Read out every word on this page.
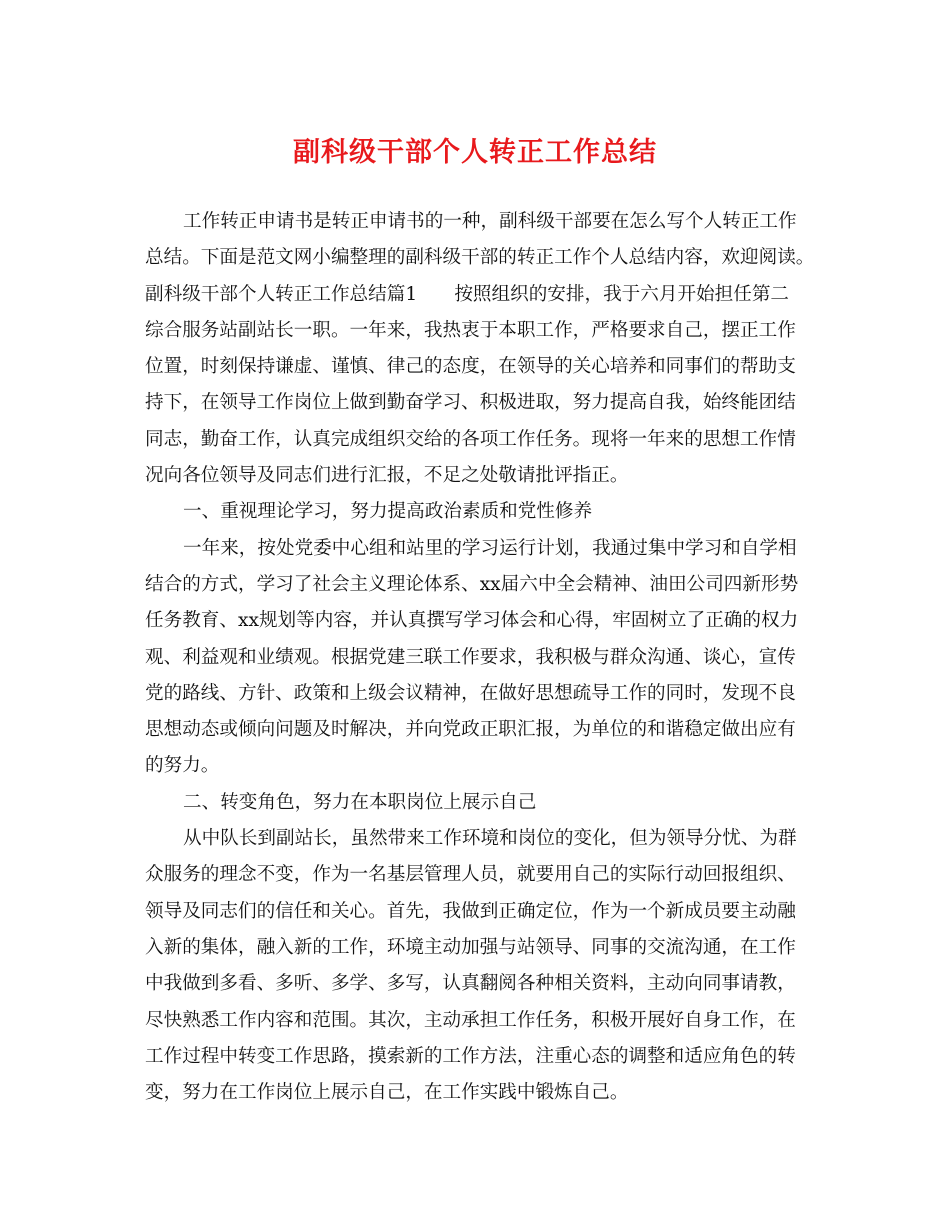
副科级干部个人转正工作总结
工作转正申请书是转正申请书的一种，副科级干部要在怎么写个人转正工作
总结。下面是范文网小编整理的副科级干部的转正工作个人总结内容，欢迎阅读。
副科级干部个人转正工作总结篇1　　按照组织的安排，我于六月开始担任第二
综合服务站副站长一职。一年来，我热衷于本职工作，严格要求自己，摆正工作
位置，时刻保持谦虚、谨慎、律己的态度，在领导的关心培养和同事们的帮助支
持下，在领导工作岗位上做到勤奋学习、积极进取，努力提高自我，始终能团结
同志，勤奋工作，认真完成组织交给的各项工作任务。现将一年来的思想工作情
况向各位领导及同志们进行汇报，不足之处敬请批评指正。
一、重视理论学习，努力提高政治素质和党性修养
一年来，按处党委中心组和站里的学习运行计划，我通过集中学习和自学相
结合的方式，学习了社会主义理论体系、xx届六中全会精神、油田公司四新形势
任务教育、xx规划等内容，并认真撰写学习体会和心得，牢固树立了正确的权力
观、利益观和业绩观。根据党建三联工作要求，我积极与群众沟通、谈心，宣传
党的路线、方针、政策和上级会议精神，在做好思想疏导工作的同时，发现不良
思想动态或倾向问题及时解决，并向党政正职汇报，为单位的和谐稳定做出应有
的努力。
二、转变角色，努力在本职岗位上展示自己
从中队长到副站长，虽然带来工作环境和岗位的变化，但为领导分忧、为群
众服务的理念不变，作为一名基层管理人员，就要用自己的实际行动回报组织、
领导及同志们的信任和关心。首先，我做到正确定位，作为一个新成员要主动融
入新的集体，融入新的工作，环境主动加强与站领导、同事的交流沟通，在工作
中我做到多看、多听、多学、多写，认真翻阅各种相关资料，主动向同事请教，
尽快熟悉工作内容和范围。其次，主动承担工作任务，积极开展好自身工作，在
工作过程中转变工作思路，摸索新的工作方法，注重心态的调整和适应角色的转
变，努力在工作岗位上展示自己，在工作实践中锻炼自己。
